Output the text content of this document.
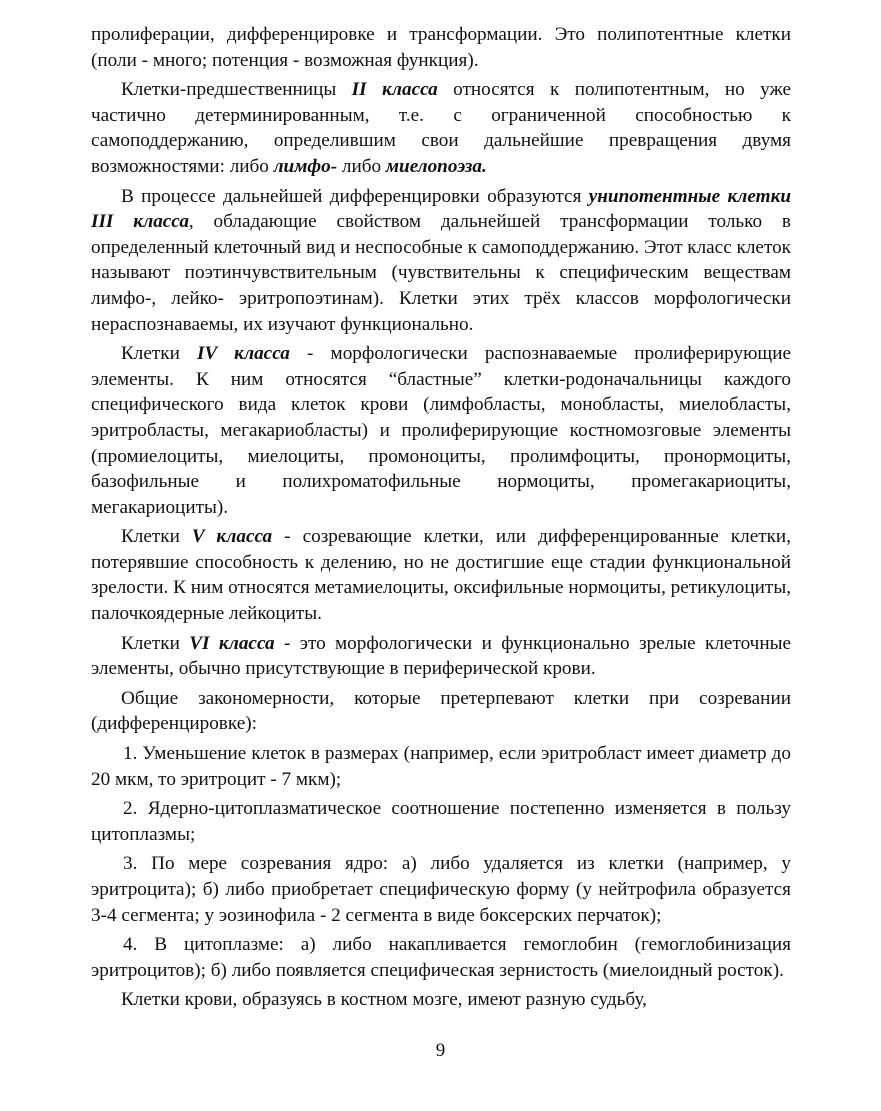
пролиферации, дифференцировке и трансформации. Это полипотентные клетки (поли - много; потенция - возможная функция).

Клетки-предшественницы II класса относятся к полипотентным, но уже частично детерминированным, т.е. с ограниченной способностью к самоподдержанию, определившим свои дальнейшие превращения двумя возможностями: либо лимфо- либо миелопоэза.

В процессе дальнейшей дифференцировки образуются унипотентные клетки III класса, обладающие свойством дальнейшей трансформации только в определенный клеточный вид и неспособные к самоподдержанию. Этот класс клеток называют поэтинчувствительным (чувствительны к специфическим веществам лимфо-, лейко- эритропоэтинам). Клетки этих трёх классов морфологически нераспознаваемы, их изучают функционально.

Клетки IV класса - морфологически распознаваемые пролиферирующие элементы. К ним относятся “бластные” клетки-родоначальницы каждого специфического вида клеток крови (лимфобласты, монобласты, миелобласты, эритробласты, мегакариобласты) и пролиферирующие костномозговые элементы (промиелоциты, миелоциты, промоноциты, пролимфоциты, пронормоциты, базофильные и полихроматофильные нормоциты, промегакариоциты, мегакариоциты).

Клетки V класса - созревающие клетки, или дифференцированные клетки, потерявшие способность к делению, но не достигшие еще стадии функциональной зрелости. К ним относятся метамиелоциты, оксифильные нормоциты, ретикулоциты, палочкоядерные лейкоциты.

Клетки VI класса - это морфологически и функционально зрелые клеточные элементы, обычно присутствующие в периферической крови.

Общие закономерности, которые претерпевают клетки при созревании (дифференцировке):

1. Уменьшение клеток в размерах (например, если эритробласт имеет диаметр до 20 мкм, то эритроцит - 7 мкм);

2. Ядерно-цитоплазматическое соотношение постепенно изменяется в пользу цитоплазмы;

3. По мере созревания ядро: а) либо удаляется из клетки (например, у эритроцита); б) либо приобретает специфическую форму (у нейтрофила образуется 3-4 сегмента; у эозинофила - 2 сегмента в виде боксерских перчаток);

4. В цитоплазме: а) либо накапливается гемоглобин (гемоглобинизация эритроцитов); б) либо появляется специфическая зернистость (миелоидный росток).

Клетки крови, образуясь в костном мозге, имеют разную судьбу,

9
